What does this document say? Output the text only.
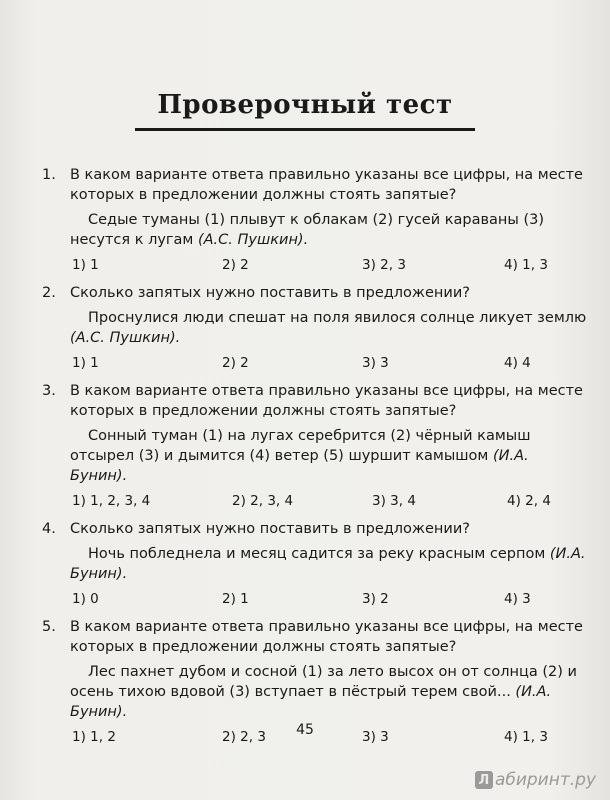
Проверочный тест
1. В каком варианте ответа правильно указаны все цифры, на месте которых в предложении должны стоять запятые?
Седые туманы (1) плывут к облакам (2) гусей караваны (3) несутся к лугам (А.С. Пушкин).
1) 1	2) 2	3) 2, 3	4) 1, 3
2. Сколько запятых нужно поставить в предложении?
Проснулися люди спешат на поля явилося солнце ликует землю (А.С. Пушкин).
1) 1	2) 2	3) 3	4) 4
3. В каком варианте ответа правильно указаны все цифры, на месте которых в предложении должны стоять запятые?
Сонный туман (1) на лугах серебрится (2) чёрный камыш отсырел (3) и дымится (4) ветер (5) шуршит камышом (И.А. Бунин).
1) 1, 2, 3, 4	2) 2, 3, 4	3) 3, 4	4) 2, 4
4. Сколько запятых нужно поставить в предложении?
Ночь побледнела и месяц садится за реку красным серпом (И.А. Бунин).
1) 0	2) 1	3) 2	4) 3
5. В каком варианте ответа правильно указаны все цифры, на месте которых в предложении должны стоять запятые?
Лес пахнет дубом и сосной (1) за лето высох он от солнца (2) и осень тихою вдовой (3) вступает в пёстрый терем свой... (И.А. Бунин).
1) 1, 2	2) 2, 3	3) 3	4) 1, 3
45
Л абиринт.ру
